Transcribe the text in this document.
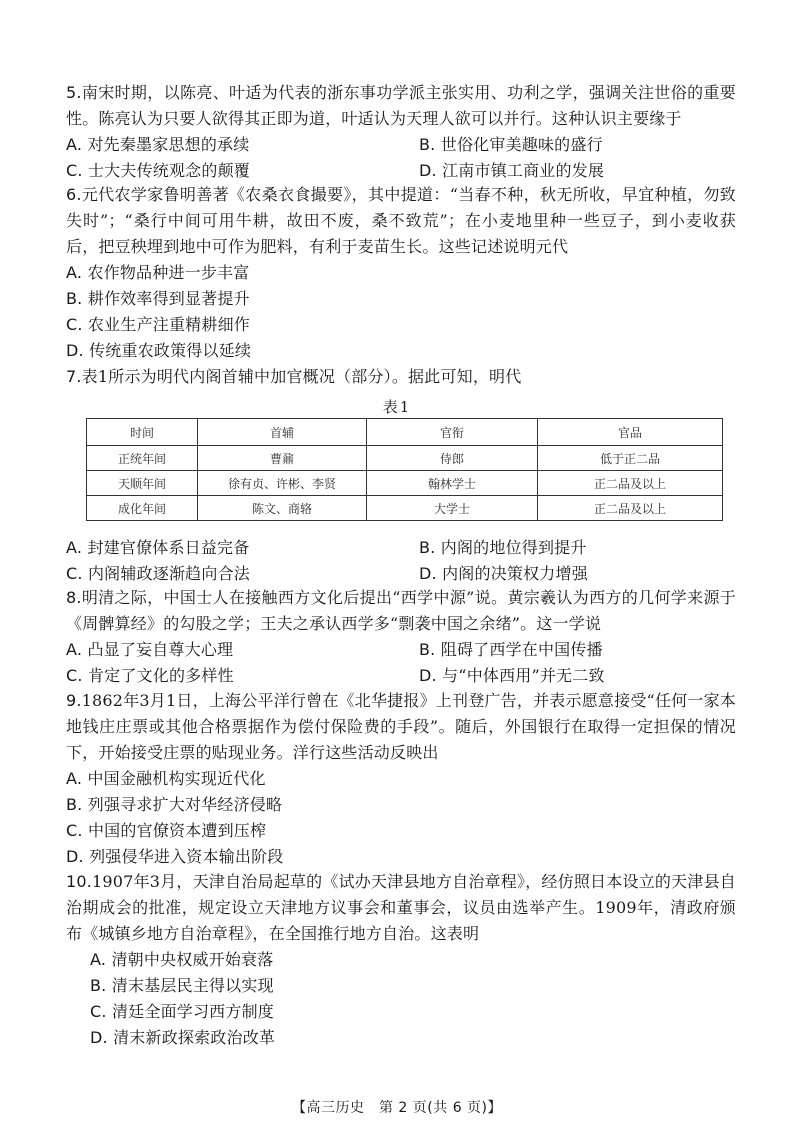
5.南宋时期，以陈亮、叶适为代表的浙东事功学派主张实用、功利之学，强调关注世俗的重要性。陈亮认为只要人欲得其正即为道，叶适认为天理人欲可以并行。这种认识主要缘于

A. 对先秦墨家思想的承续	B. 世俗化审美趣味的盛行
C. 士大夫传统观念的颠覆	D. 江南市镇工商业的发展

6.元代农学家鲁明善著《农桑衣食撮要》，其中提道：“当春不种，秋无所收，早宜种植，勿致失时”；“桑行中间可用牛耕，故田不废，桑不致荒”；在小麦地里种一些豆子，到小麦收获后，把豆秧埋到地中可作为肥料，有利于麦苗生长。这些记述说明元代

A. 农作物品种进一步丰富
B. 耕作效率得到显著提升
C. 农业生产注重精耕细作
D. 传统重农政策得以延续

7.表1所示为明代内阁首辅中加官概况（部分）。据此可知，明代

表1
时间	首辅	官衔	官品
正统年间	曹鼐	侍郎	低于正二品
天顺年间	徐有贞、许彬、李贤	翰林学士	正二品及以上
成化年间	陈文、商辂	大学士	正二品及以上
A. 封建官僚体系日益完备	B. 内阁的地位得到提升
C. 内阁辅政逐渐趋向合法	D. 内阁的决策权力增强

8.明清之际，中国士人在接触西方文化后提出“西学中源”说。黄宗羲认为西方的几何学来源于《周髀算经》的勾股之学；王夫之承认西学多“剽袭中国之余绪”。这一学说

A. 凸显了妄自尊大心理	B. 阻碍了西学在中国传播
C. 肯定了文化的多样性	D. 与“中体西用”并无二致

9.1862年3月1日，上海公平洋行曾在《北华捷报》上刊登广告，并表示愿意接受“任何一家本地钱庄庄票或其他合格票据作为偿付保险费的手段”。随后，外国银行在取得一定担保的情况下，开始接受庄票的贴现业务。洋行这些活动反映出

A. 中国金融机构实现近代化
B. 列强寻求扩大对华经济侵略
C. 中国的官僚资本遭到压榨
D. 列强侵华进入资本输出阶段

10.1907年3月，天津自治局起草的《试办天津县地方自治章程》，经仿照日本设立的天津县自治期成会的批准，规定设立天津地方议事会和董事会，议员由选举产生。1909年，清政府颁布《城镇乡地方自治章程》，在全国推行地方自治。这表明

A. 清朝中央权威开始衰落
B. 清末基层民主得以实现
C. 清廷全面学习西方制度
D. 清末新政探索政治改革
【高三历史　第 2 页(共 6 页)】
